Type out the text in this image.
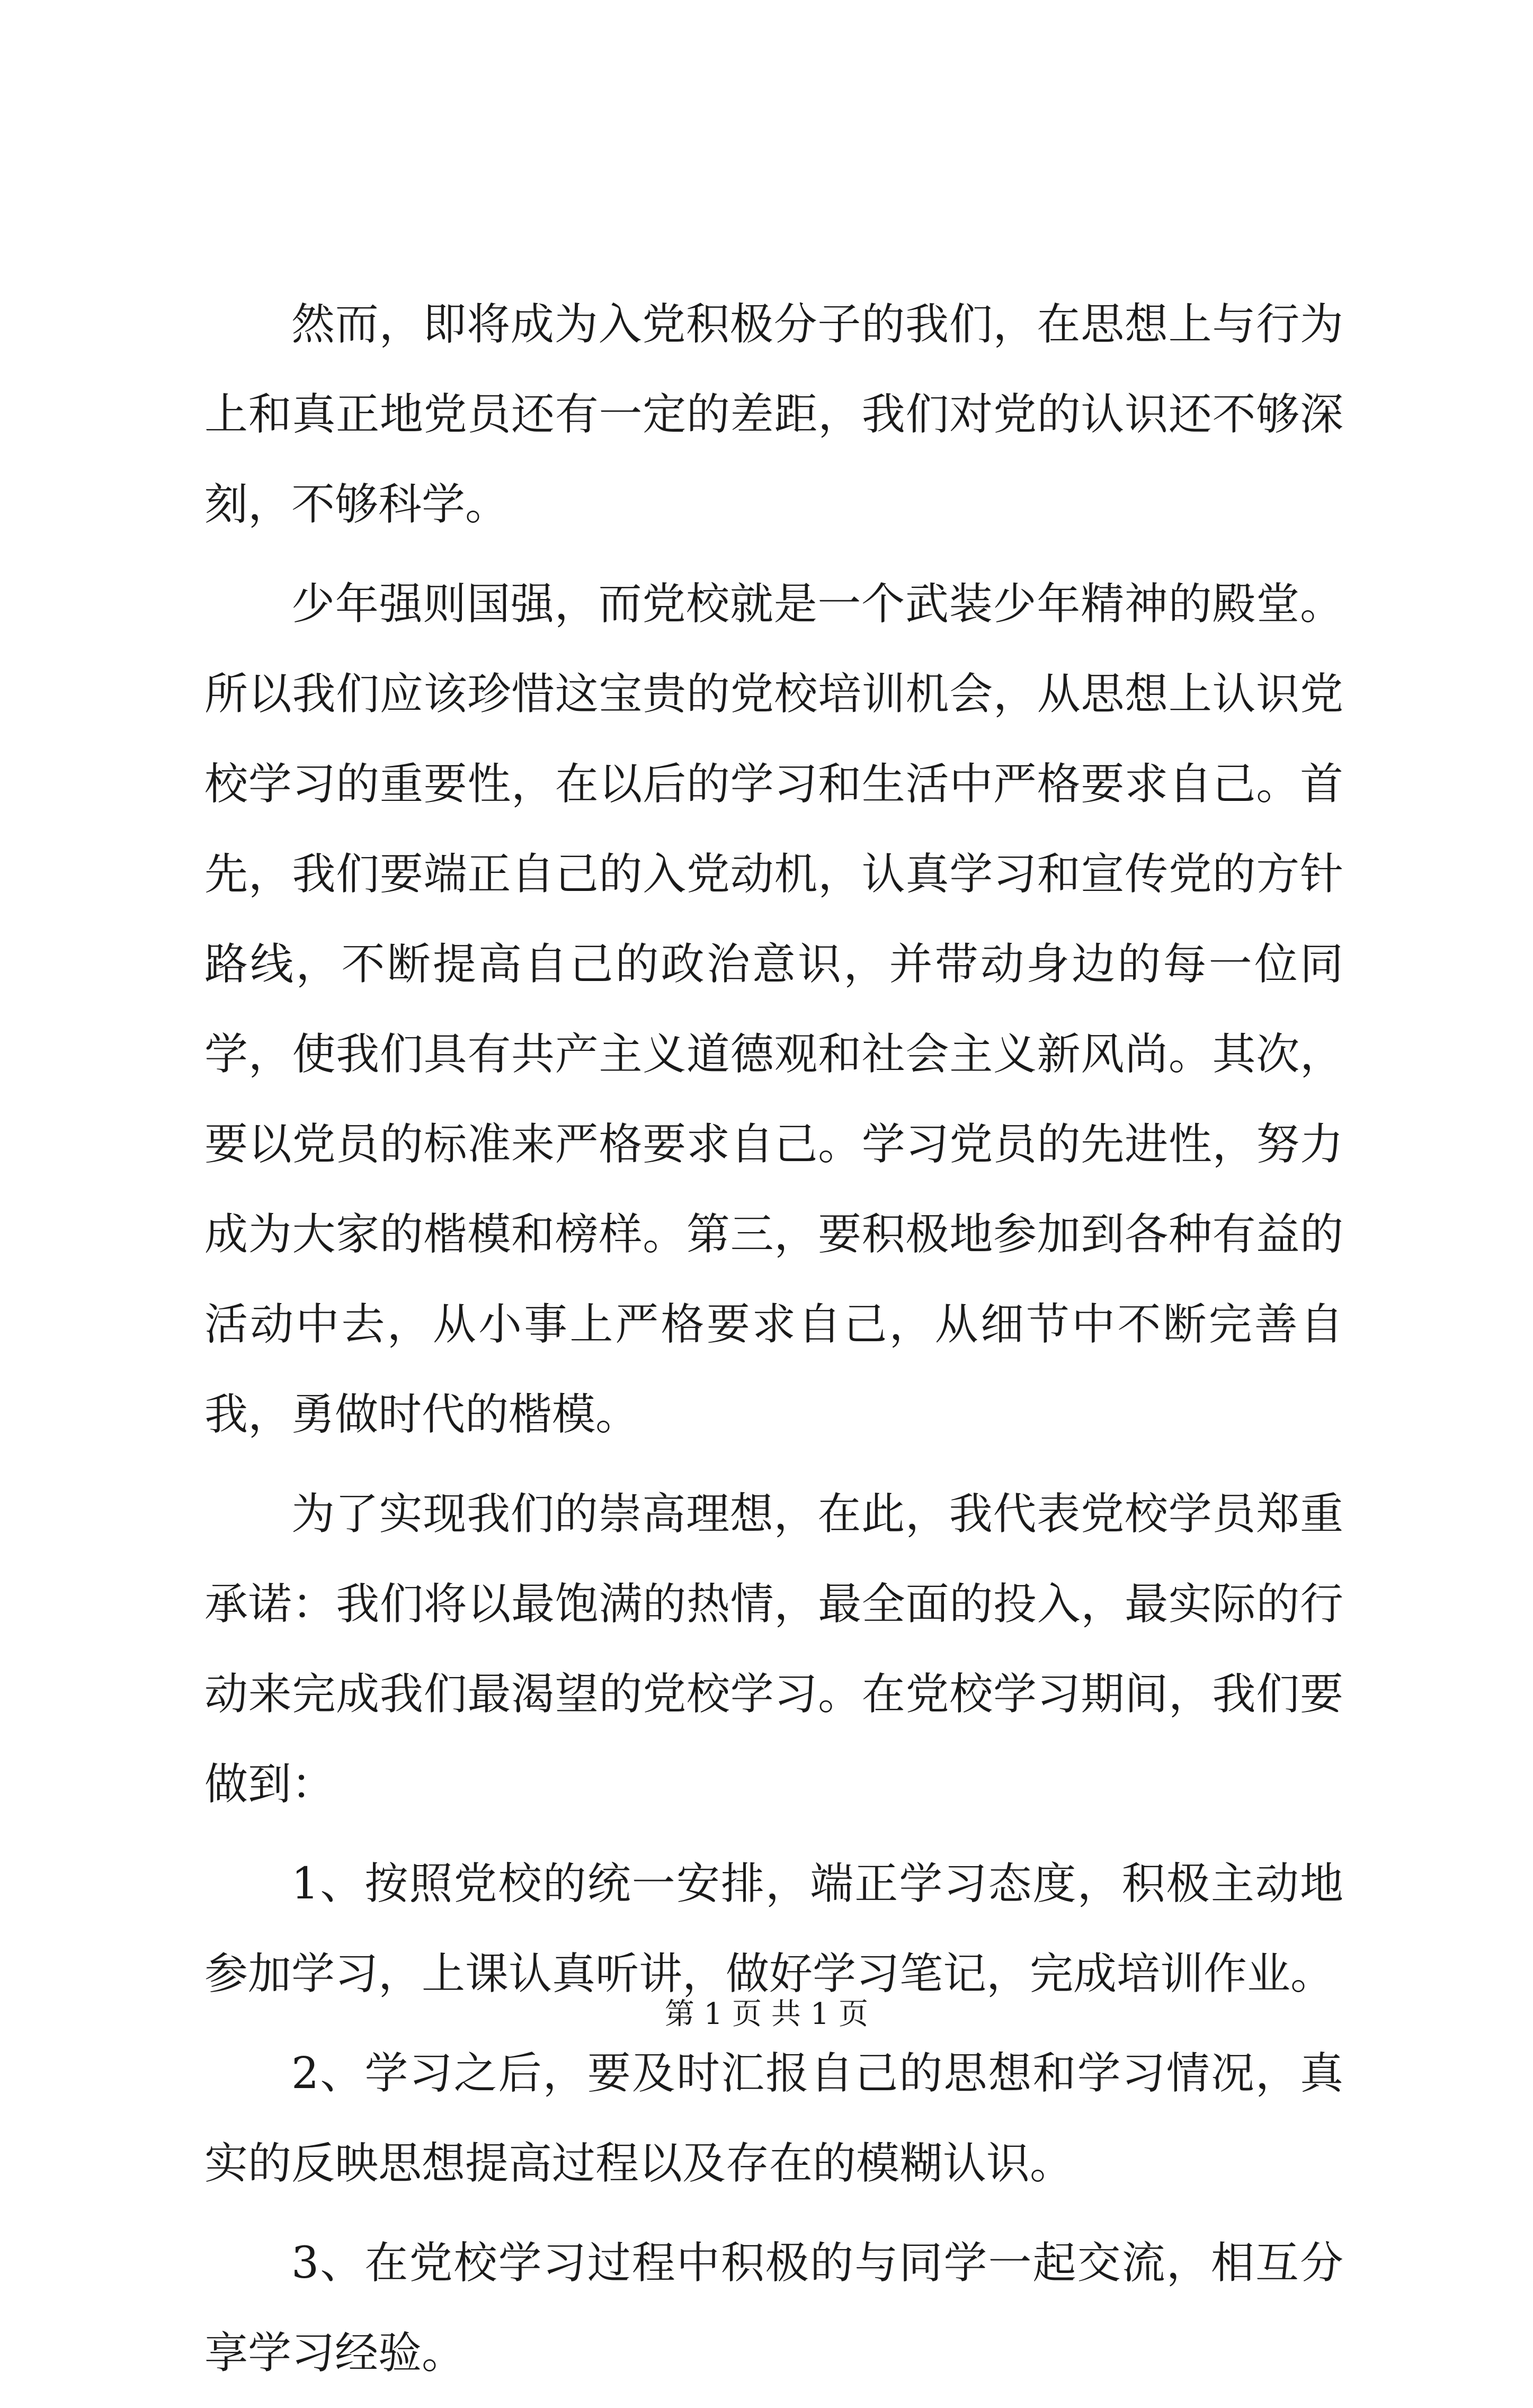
然而，即将成为入党积极分子的我们，在思想上与行为上和真正地党员还有一定的差距，我们对党的认识还不够深刻，不够科学。

少年强则国强，而党校就是一个武装少年精神的殿堂。所以我们应该珍惜这宝贵的党校培训机会，从思想上认识党校学习的重要性，在以后的学习和生活中严格要求自己。首先，我们要端正自己的入党动机，认真学习和宣传党的方针路线，不断提高自己的政治意识，并带动身边的每一位同学，使我们具有共产主义道德观和社会主义新风尚。其次，要以党员的标准来严格要求自己。学习党员的先进性，努力成为大家的楷模和榜样。第三，要积极地参加到各种有益的活动中去，从小事上严格要求自己，从细节中不断完善自我，勇做时代的楷模。

为了实现我们的崇高理想，在此，我代表党校学员郑重承诺：我们将以最饱满的热情，最全面的投入，最实际的行动来完成我们最渴望的党校学习。在党校学习期间，我们要做到：

1、按照党校的统一安排，端正学习态度，积极主动地参加学习，上课认真听讲，做好学习笔记，完成培训作业。

2、学习之后，要及时汇报自己的思想和学习情况，真实的反映思想提高过程以及存在的模糊认识。

3、在党校学习过程中积极的与同学一起交流，相互分享学习经验。

第 1 页 共 1 页
